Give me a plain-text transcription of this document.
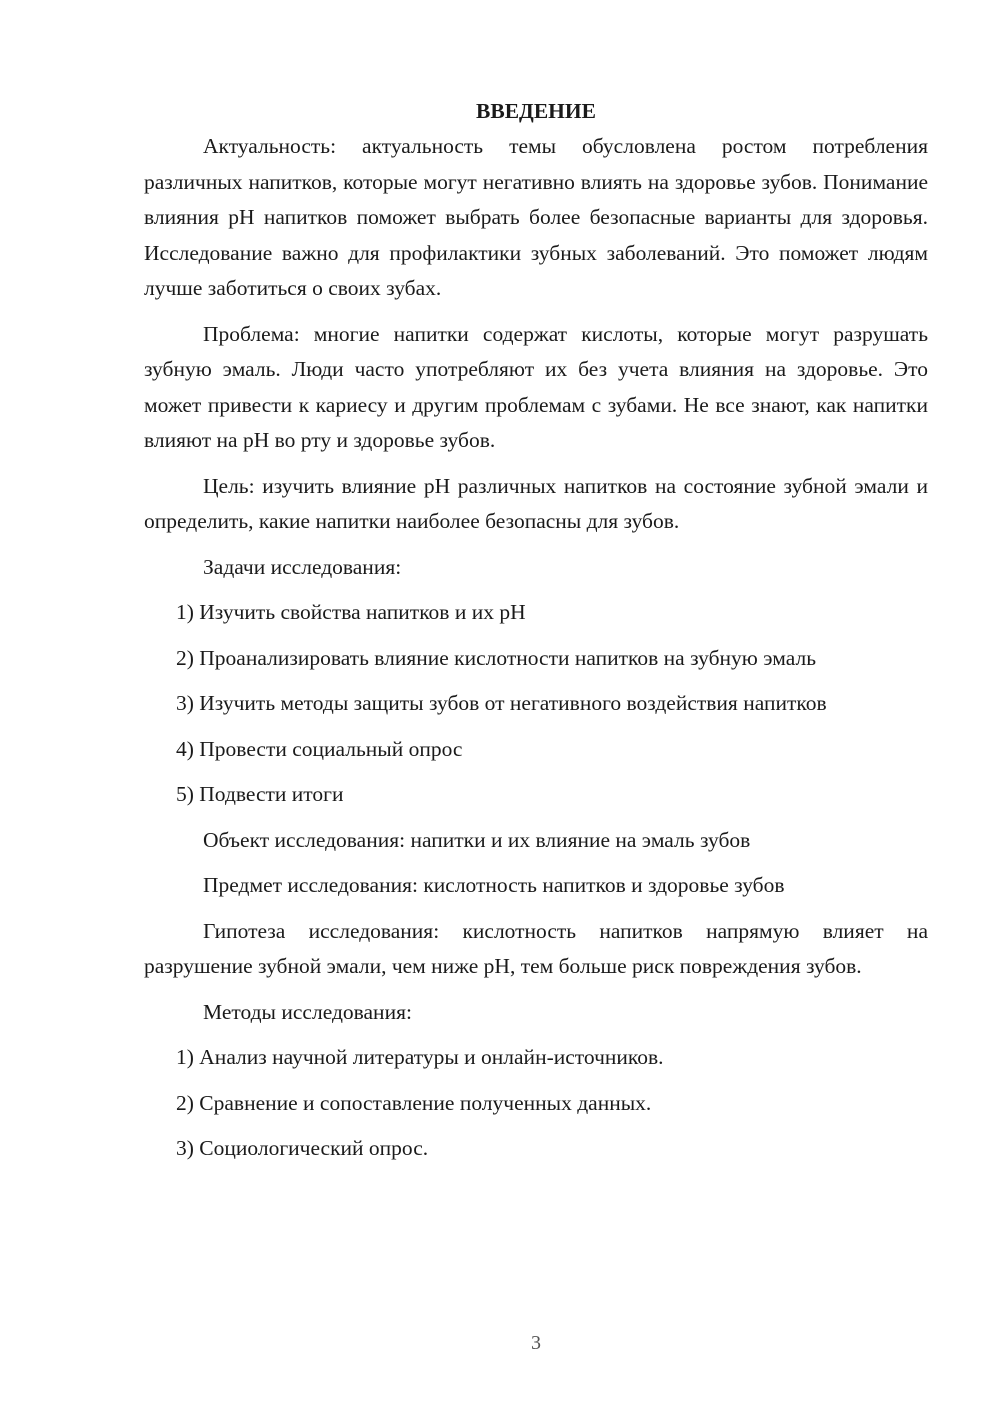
ВВЕДЕНИЕ

Актуальность: актуальность темы обусловлена ростом потребления различных напитков, которые могут негативно влиять на здоровье зубов. Понимание влияния pH напитков поможет выбрать более безопасные варианты для здоровья. Исследование важно для профилактики зубных заболеваний. Это поможет людям лучше заботиться о своих зубах.

Проблема: многие напитки содержат кислоты, которые могут разрушать зубную эмаль. Люди часто употребляют их без учета влияния на здоровье. Это может привести к кариесу и другим проблемам с зубами. Не все знают, как напитки влияют на pH во рту и здоровье зубов.

Цель: изучить влияние pH различных напитков на состояние зубной эмали и определить, какие напитки наиболее безопасны для зубов.

Задачи исследования:

1) Изучить свойства напитков и их pH

2) Проанализировать влияние кислотности напитков на зубную эмаль

3) Изучить методы защиты зубов от негативного воздействия напитков

4) Провести социальный опрос

5) Подвести итоги

Объект исследования: напитки и их влияние на эмаль зубов

Предмет исследования: кислотность напитков и здоровье зубов

Гипотеза исследования: кислотность напитков напрямую влияет на разрушение зубной эмали, чем ниже pH, тем больше риск повреждения зубов.

Методы исследования:

1) Анализ научной литературы и онлайн-источников.

2) Сравнение и сопоставление полученных данных.

3) Социологический опрос.

3
